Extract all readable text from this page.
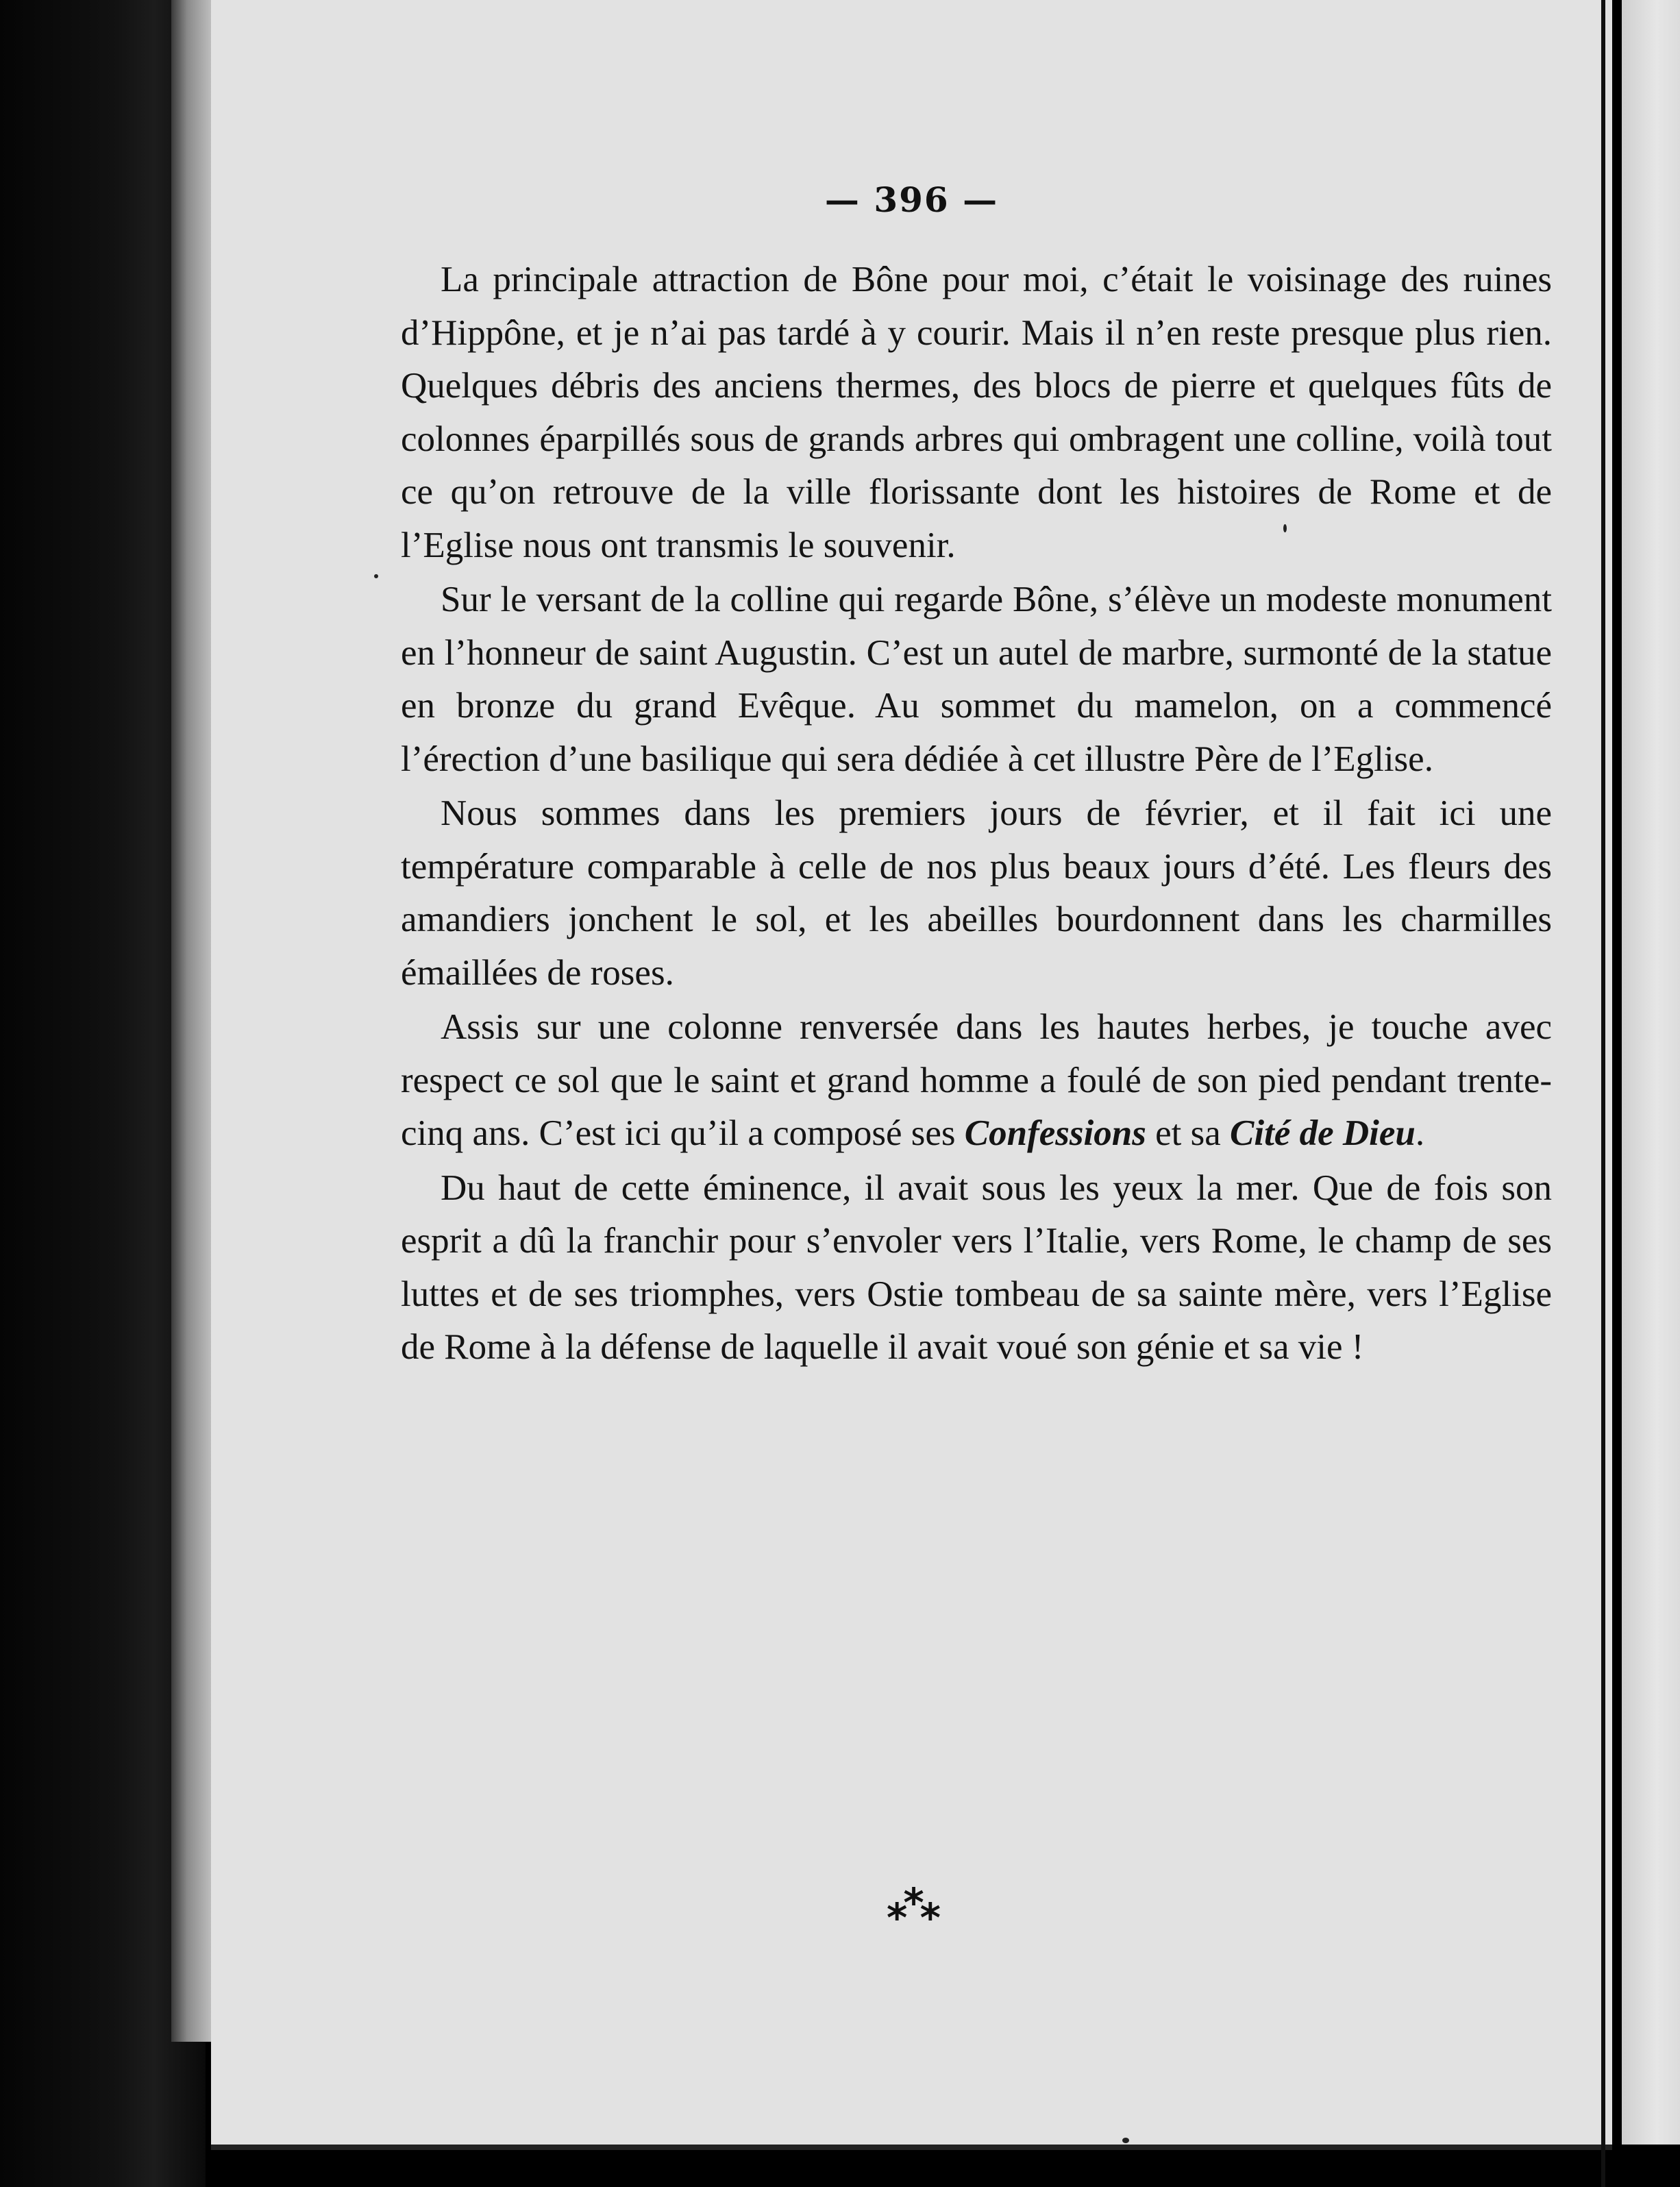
— 396 —

La principale attraction de Bône pour moi, c’était le voisinage des ruines d’Hippône, et je n’ai pas tardé à y courir. Mais il n’en reste presque plus rien. Quelques débris des anciens thermes, des blocs de pierre et quelques fûts de colonnes éparpillés sous de grands arbres qui ombragent une colline, voilà tout ce qu’on retrouve de la ville florissante dont les histoires de Rome et de l’Eglise nous ont transmis le souvenir.

Sur le versant de la colline qui regarde Bône, s’élève un modeste monument en l’honneur de saint Augustin. C’est un autel de marbre, surmonté de la statue en bronze du grand Evêque. Au sommet du mamelon, on a commencé l’érection d’une basilique qui sera dédiée à cet illustre Père de l’Eglise.

Nous sommes dans les premiers jours de février, et il fait ici une température comparable à celle de nos plus beaux jours d’été. Les fleurs des amandiers jonchent le sol, et les abeilles bourdonnent dans les charmilles émaillées de roses.

Assis sur une colonne renversée dans les hautes herbes, je touche avec respect ce sol que le saint et grand homme a foulé de son pied pendant trente-cinq ans. C’est ici qu’il a composé ses Confessions et sa Cité de Dieu.

Du haut de cette éminence, il avait sous les yeux la mer. Que de fois son esprit a dû la franchir pour s’envoler vers l’Italie, vers Rome, le champ de ses luttes et de ses triomphes, vers Ostie tombeau de sa sainte mère, vers l’Eglise de Rome à la défense de laquelle il avait voué son génie et sa vie !

***
